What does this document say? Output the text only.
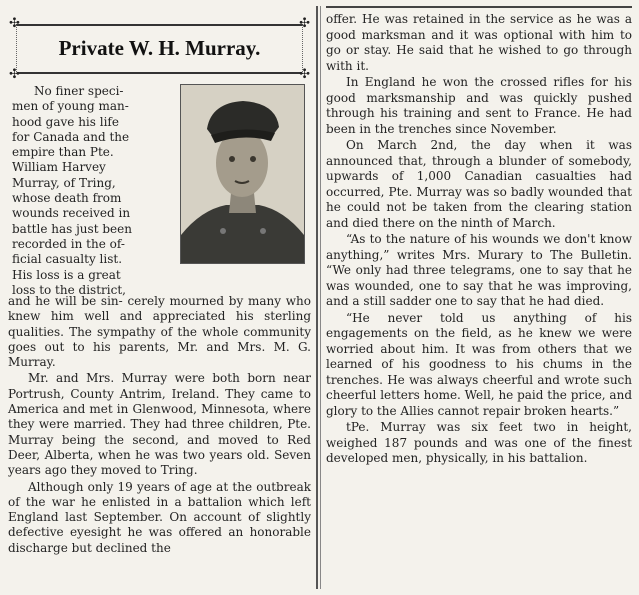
✣	✣
✣	✣
Private W. H. Murray.
No finer speci-
men of young man-
hood gave his life
for Canada and the
empire than Pte.
William Harvey
Murray, of Tring,
whose death from
wounds received in
battle has just been
recorded in the of-
ficial casualty list.
His loss is a great
loss to the district,

and he will be sin- cerely mourned by many who knew him well and appreciated his sterling qualities. The sympathy of the whole community goes out to his parents, Mr. and Mrs. M. G. Murray.

Mr. and Mrs. Murray were both born near Portrush, County Antrim, Ireland. They came to America and met in Glenwood, Minnesota, where they were married. They had three children, Pte. Murray being the second, and moved to Red Deer, Alberta, when he was two years old. Seven years ago they moved to Tring.

Although only 19 years of age at the outbreak of the war he enlisted in a battalion which left England last September. On account of slightly defective eyesight he was offered an honorable discharge but declined the

offer. He was retained in the service as he was a good marksman and it was optional with him to go or stay. He said that he wished to go through with it.

In England he won the crossed rifles for his good marksmanship and was quickly pushed through his training and sent to France. He had been in the trenches since November.

On March 2nd, the day when it was announced that, through a blunder of somebody, upwards of 1,000 Canadian casualties had occurred, Pte. Murray was so badly wounded that he could not be taken from the clearing station and died there on the ninth of March.

“As to the nature of his wounds we don't know anything,” writes Mrs. Murary to The Bulletin. “We only had three telegrams, one to say that he was wounded, one to say that he was improving, and a still sadder one to say that he had died.

“He never told us anything of his engagements on the field, as he knew we were worried about him. It was from others that we learned of his goodness to his chums in the trenches. He was always cheerful and wrote such cheerful letters home. Well, he paid the price, and glory to the Allies cannot repair broken hearts.”

tPe. Murray was six feet two in height, weighed 187 pounds and was one of the finest developed men, physically, in his battalion.
